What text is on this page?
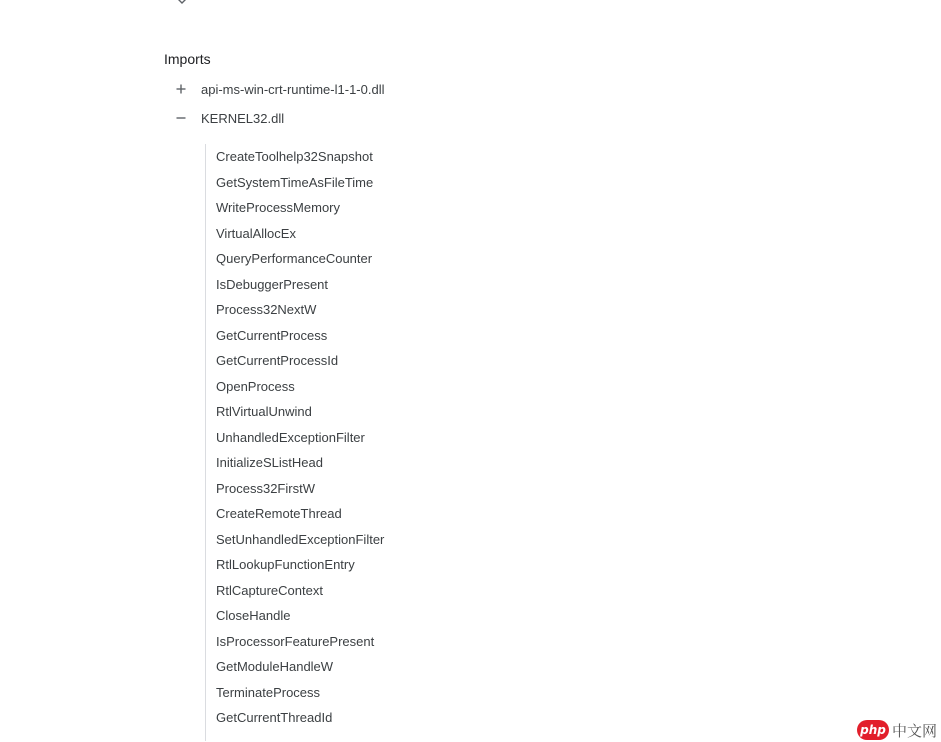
Imports
api-ms-win-crt-runtime-l1-1-0.dll
KERNEL32.dll
CreateToolhelp32Snapshot
GetSystemTimeAsFileTime
WriteProcessMemory
VirtualAllocEx
QueryPerformanceCounter
IsDebuggerPresent
Process32NextW
GetCurrentProcess
GetCurrentProcessId
OpenProcess
RtlVirtualUnwind
UnhandledExceptionFilter
InitializeSListHead
Process32FirstW
CreateRemoteThread
SetUnhandledExceptionFilter
RtlLookupFunctionEntry
RtlCaptureContext
CloseHandle
IsProcessorFeaturePresent
GetModuleHandleW
TerminateProcess
GetCurrentThreadId
php 中文网
